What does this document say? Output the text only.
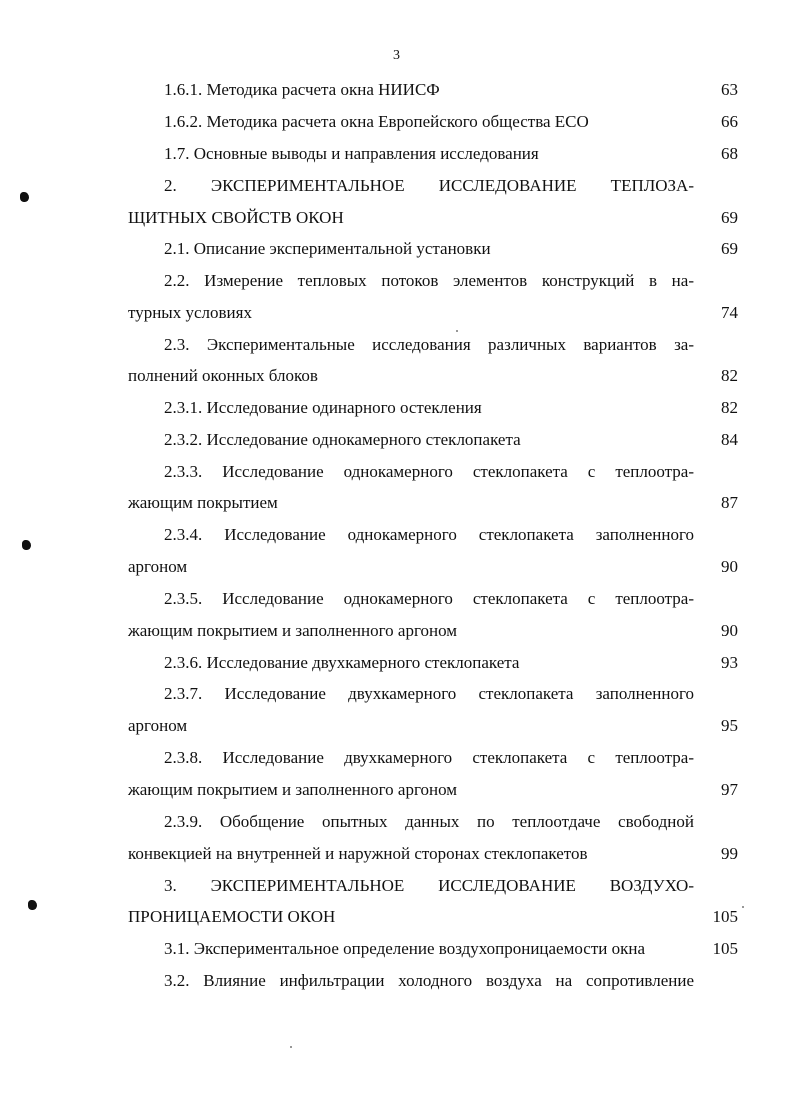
3
1.6.1. Методика расчета окна НИИСФ	63
1.6.2. Методика расчета окна Европейского общества ЕСО	66
1.7. Основные выводы и направления исследования	68
2. ЭКСПЕРИМЕНТАЛЬНОЕ ИССЛЕДОВАНИЕ ТЕПЛОЗА-
ЩИТНЫХ СВОЙСТВ ОКОН	69
2.1. Описание экспериментальной установки	69
2.2. Измерение тепловых потоков элементов конструкций в на-
турных условиях	74
2.3. Экспериментальные исследования различных вариантов за-
полнений оконных блоков	82
2.3.1. Исследование одинарного остекления	82
2.3.2. Исследование однокамерного стеклопакета	84
2.3.3. Исследование однокамерного стеклопакета с теплоотра-
жающим покрытием	87
2.3.4. Исследование однокамерного стеклопакета заполненного
аргоном	90
2.3.5. Исследование однокамерного стеклопакета с теплоотра-
жающим покрытием и заполненного аргоном	90
2.3.6. Исследование двухкамерного стеклопакета	93
2.3.7. Исследование двухкамерного стеклопакета заполненного
аргоном	95
2.3.8. Исследование двухкамерного стеклопакета с теплоотра-
жающим покрытием и заполненного аргоном	97
2.3.9. Обобщение опытных данных по теплоотдаче свободной
конвекцией на внутренней и наружной сторонах стеклопакетов	99
3. ЭКСПЕРИМЕНТАЛЬНОЕ ИССЛЕДОВАНИЕ ВОЗДУХО-
ПРОНИЦАЕМОСТИ ОКОН	105
3.1. Экспериментальное определение воздухопроницаемости окна	105
3.2. Влияние инфильтрации холодного воздуха на сопротивление
